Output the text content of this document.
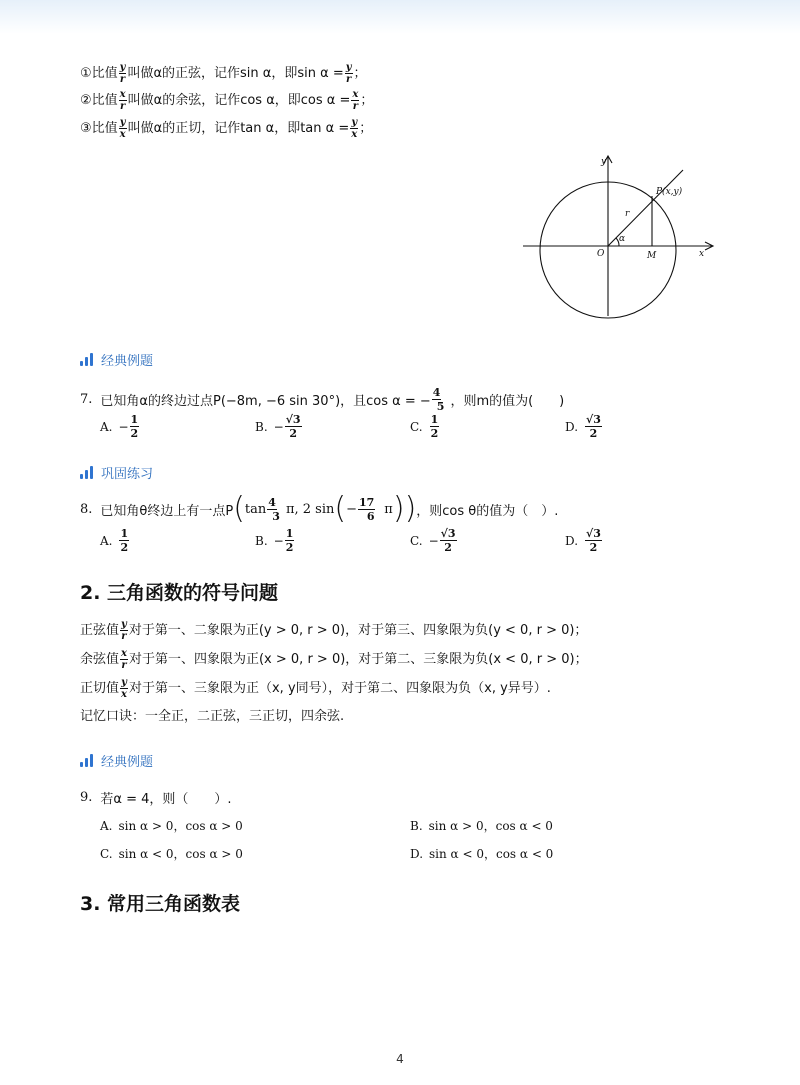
①比值 $\frac{y}{r}$ 叫做α的正弦，记作sin α，即$\sin \alpha = \frac{y}{r}$ ；
②比值 $\frac{x}{r}$ 叫做α的余弦，记作cos α，即$\cos \alpha = \frac{x}{r}$ ；
③比值 $\frac{y}{x}$ 叫做α的正切，记作tan α，即$\tan \alpha = \frac{y}{x}$ ；
y
x
O
P(x,y)
r
α
M
经典例题
7. 已知角α的终边过点P(−8m, −6 sin 30°)，且cos α = − $\frac{4}{5}$ ，则m的值为(　　)
A. − $\frac{1}{2}$	B. − $\frac{√3}{2}$	C. $\frac{1}{2}$	D. $\frac{√3}{2}$
巩固练习
8. 已知角θ终边上有一点P ( $\tan \frac{4}{3} \pi$, 2 sin ( − $\frac{17}{6}$ π ) ) ，则cos θ的值为（　）.
A. $\frac{1}{2}$	B. − $\frac{1}{2}$	C. − $\frac{√3}{2}$	D. $\frac{√3}{2}$
2. 三角函数的符号问题
正弦值 $\frac{y}{r}$ 对于第一、二象限为正(y > 0, r > 0)，对于第三、四象限为负(y < 0, r > 0)；
余弦值 $\frac{x}{r}$ 对于第一、四象限为正(x > 0, r > 0)，对于第二、三象限为负(x < 0, r > 0)；
正切值 $\frac{y}{x}$ 对于第一、三象限为正（x, y同号），对于第二、四象限为负（x, y异号）.
记忆口诀：一全正，二正弦，三正切，四余弦.
经典例题
9. 若α = 4，则（　　）.
A. sin α > 0，cos α > 0	B. sin α > 0，cos α < 0
C. sin α < 0，cos α > 0	D. sin α < 0，cos α < 0
3. 常用三角函数表
4
